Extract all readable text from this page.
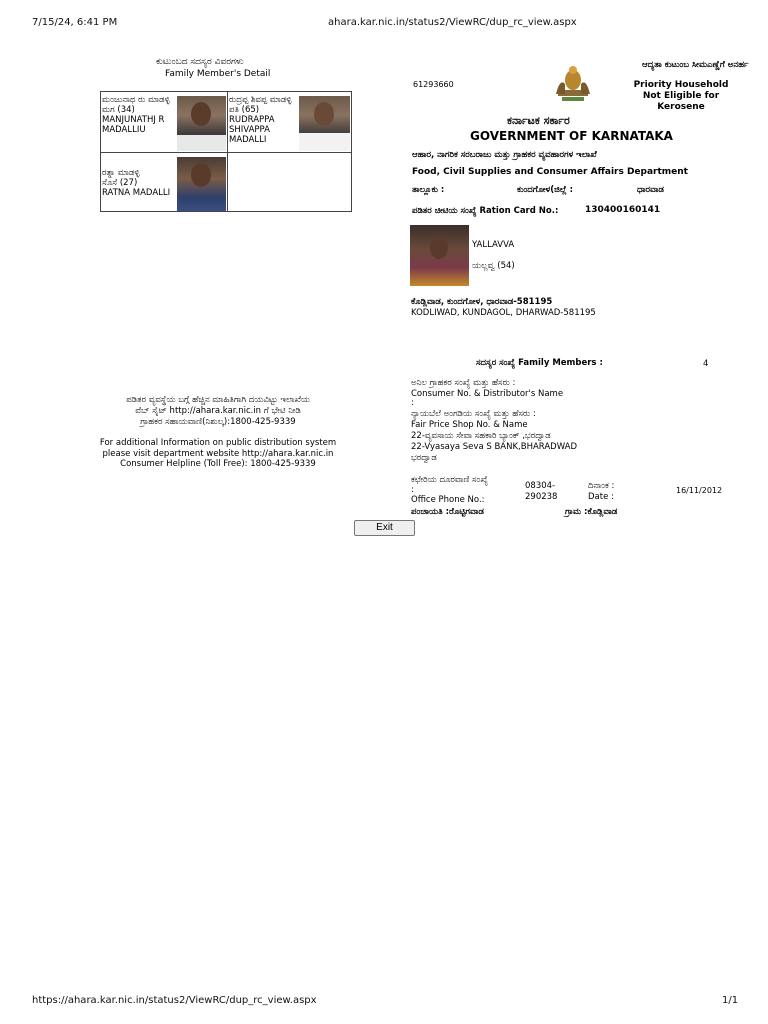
7/15/24, 6:41 PM	ahara.kar.nic.in/status2/ViewRC/dup_rc_view.aspx
ಕುಟುಂಬದ ಸದಸ್ಯರ ವಿವರಗಳು
Family Member's Detail
ಮಂಜುನಾಥ ರು ಮಾಡಳ್ಳಿ
ಮಗ (34)
MANJUNATHJ R MADALLIU
ರುದ್ರಪ್ಪ ಶಿವಪ್ಪ ಮಾಡಳ್ಳಿ
ಪತಿ (65)
RUDRAPPA SHIVAPPA MADALLI
ರತ್ನಾ ಮಾಡಳ್ಳಿ
ಸೊಸೆ (27)
RATNA MADALLI
61293660
ಆದ್ಯತಾ ಕುಟುಂಬ ಸೀಮಎಣ್ಣೆಗೆ ಅನರ್ಹ
Priority Household
Not Eligible for
Kerosene
ಕರ್ನಾಟಕ ಸರ್ಕಾರ
GOVERNMENT OF KARNATAKA
ಆಹಾರ, ನಾಗರಿಕ ಸರಬರಾಜು ಮತ್ತು ಗ್ರಾಹಕರ ವ್ಯವಹಾರಗಳ ಇಲಾಖೆ
Food, Civil Supplies and Consumer Affairs Department
ತಾಲ್ಲೂಕು :	ಕುಂದಗೋಳ(ಜಿಲ್ಲೆ :	ಧಾರವಾಡ
ಪಡಿತರ ಚೀಟಿಯ ಸಂಖ್ಯೆ Ration Card No.:	130400160141
YALLAVVA
ಯಲ್ಲವ್ವ (54)
ಕೊಡ್ಲಿವಾಡ, ಕುಂದಗೋಳ, ಧಾರವಾಡ-581195
KODLIWAD, KUNDAGOL, DHARWAD-581195
ಸದಸ್ಯರ ಸಂಖ್ಯೆ Family Members :	4
ಅನಿಲ ಗ್ರಾಹಕರ ಸಂಖ್ಯೆ ಮತ್ತು ಹೆಸರು :
Consumer No. & Distributor's Name
:
ನ್ಯಾಯಬೆಲೆ ಅಂಗಡಿಯ ಸಂಖ್ಯೆ ಮತ್ತು ಹೆಸರು :
Fair Price Shop No. & Name
22-ವ್ಯವಸಾಯ ಸೇವಾ ಸಹಕಾರಿ ಬ್ಯಾಂಕ್ ,ಭರದ್ವಾಡ
22-Vyasaya Seva S BANK,BHARADWAD
ಭರದ್ವಾಡ
ಕಛೇರಿಯ ದೂರವಾಣಿ ಸಂಖ್ಯೆ
:
Office Phone No.:
08304-
290238
ದಿನಾಂಕ :
Date :
16/11/2012
ಪಂಚಾಯತಿ :ರೊಟ್ಟಿಗವಾಡ	ಗ್ರಾಮ :ಕೊಡ್ಲಿವಾಡ
ಪಡಿತರ ವ್ಯವಸ್ಥೆಯ ಬಗ್ಗೆ ಹೆಚ್ಚಿನ ಮಾಹಿತಿಗಾಗಿ ದಯವಿಟ್ಟು ಇಲಾಖೆಯ
ವೆಬ್ ಸೈಟ್ http://ahara.kar.nic.in ಗೆ ಭೇಟಿ ನೀಡಿ
ಗ್ರಾಹಕರ ಸಹಾಯವಾಣಿ(ನಿಶುಲ್ಕ):1800-425-9339
For additional Information on public distribution system
please visit department website http://ahara.kar.nic.in
Consumer Helpline (Toll Free): 1800-425-9339
Exit
https://ahara.kar.nic.in/status2/ViewRC/dup_rc_view.aspx	1/1
